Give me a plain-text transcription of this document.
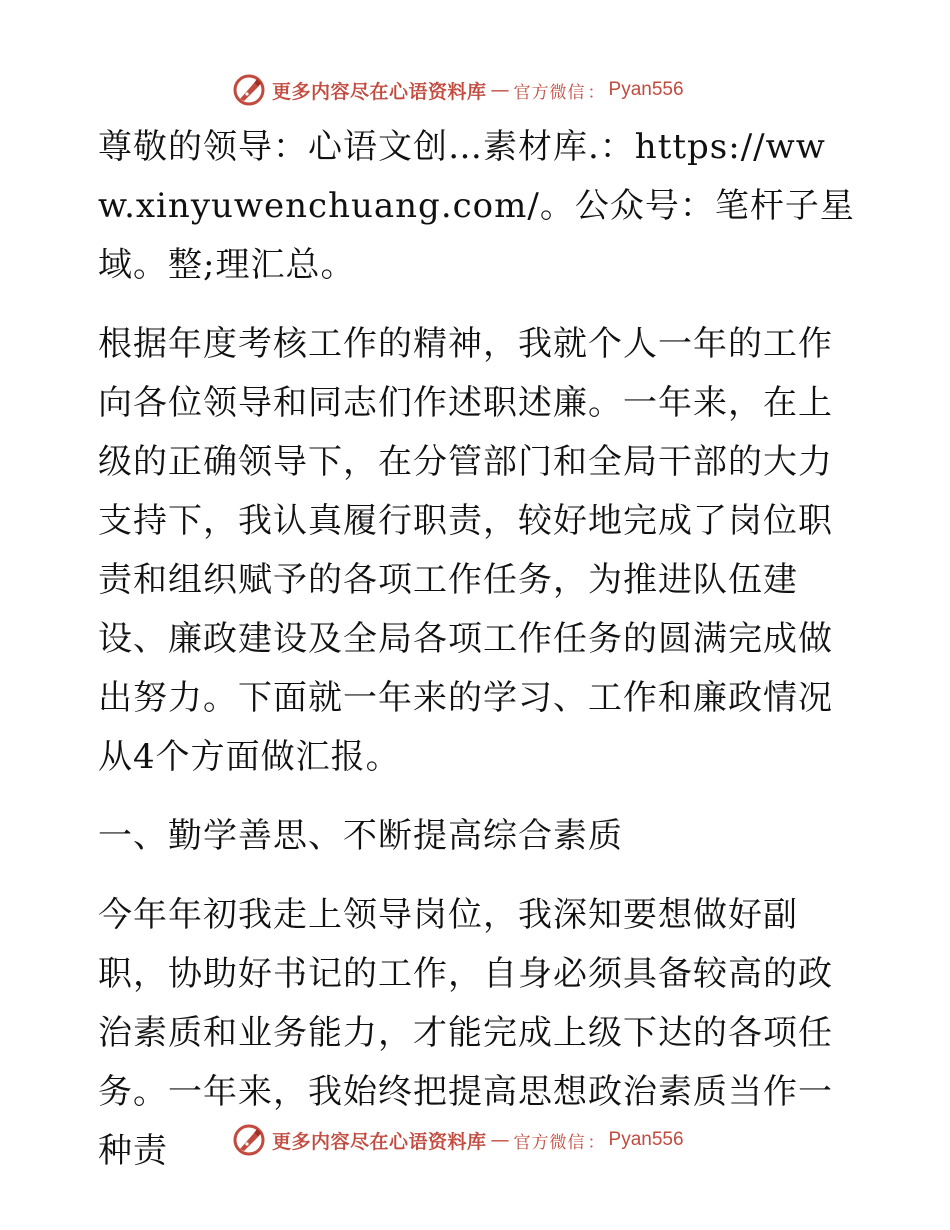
更多内容尽在心语资料库 — 官方微信 ： Pyan556

尊敬的领导：心语文创…素材库.：https://www.xinyuwenchuang.com/。公众号：笔杆子星域。整;理汇总。

根据年度考核工作的精神，我就个人一年的工作向各位领导和同志们作述职述廉。一年来，在上级的正确领导下，在分管部门和全局干部的大力支持下，我认真履行职责，较好地完成了岗位职责和组织赋予的各项工作任务，为推进队伍建设、廉政建设及全局各项工作任务的圆满完成做出努力。下面就一年来的学习、工作和廉政情况从4个方面做汇报。

一、勤学善思、不断提高综合素质

今年年初我走上领导岗位，我深知要想做好副职，协助好书记的工作，自身必须具备较高的政治素质和业务能力，才能完成上级下达的各项任务。一年来，我始终把提高思想政治素质当作一种责	更多内容尽在心语资料库 — 官方微信 ： Pyan556
